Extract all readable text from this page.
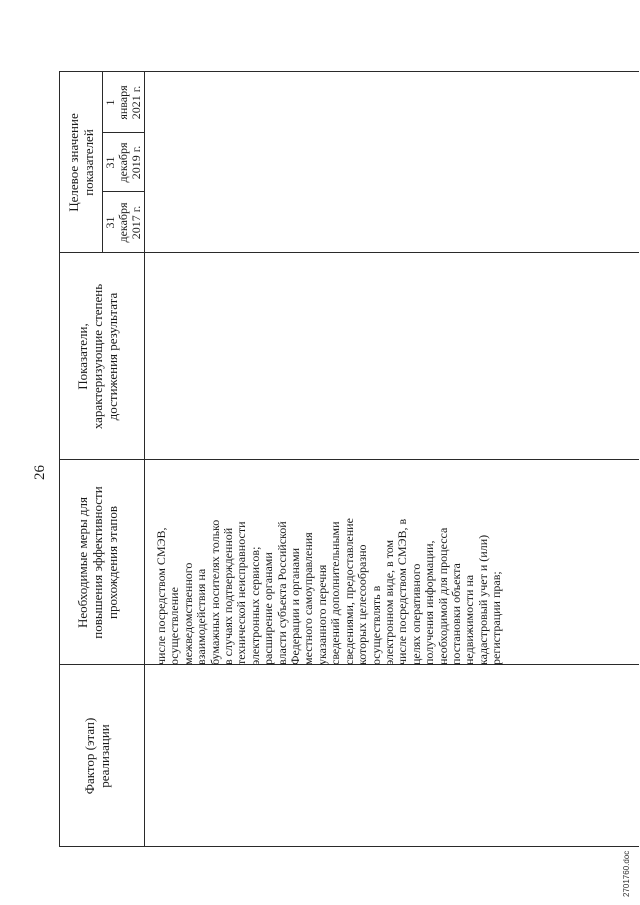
26
Фактор (этап) реализации
Необходимые меры для повышения эффективности прохождения этапов
Показатели, характеризующие степень достижения результата
Целевое значение показателей
31 декабря 2017 г.
31 декабря 2019 г.
1 января 2021 г.
числе посредством СМЭВ, осуществление межведомственного взаимодействия на бумажных носителях только в случаях подтвержденной технической неисправности электронных сервисов; расширение органами власти субъекта Российской Федерации и органами местного самоуправления указанного перечня сведений дополнительными сведениями, предоставление которых целесообразно осуществлять в электронном виде, в том числе посредством СМЭВ, в целях оперативного получения информации, необходимой для процесса постановки объекта недвижимости на кадастровый учет и (или) регистрации прав;
2701760.doc
